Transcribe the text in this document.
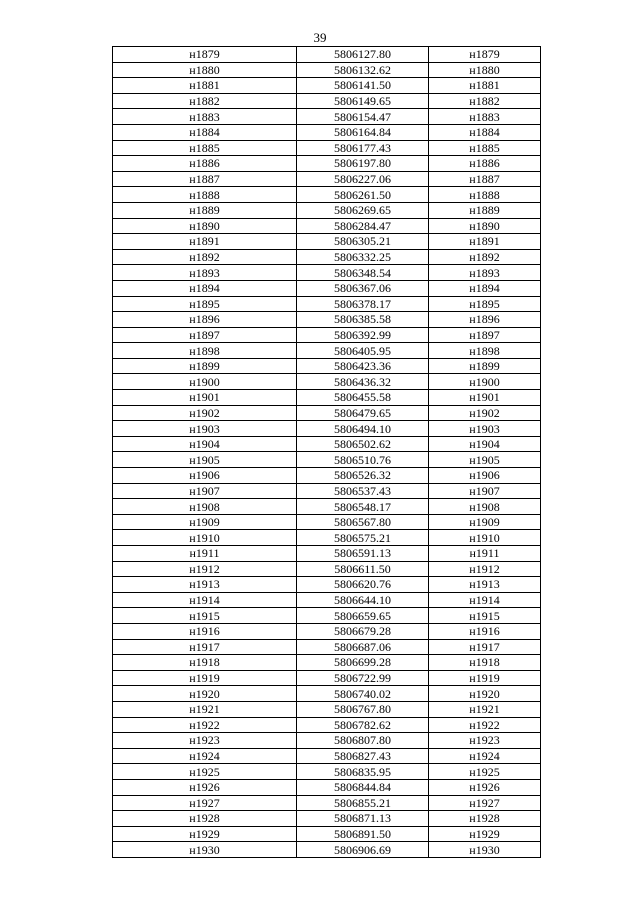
39
н1879	5806127.80	н1879
н1880	5806132.62	н1880
н1881	5806141.50	н1881
н1882	5806149.65	н1882
н1883	5806154.47	н1883
н1884	5806164.84	н1884
н1885	5806177.43	н1885
н1886	5806197.80	н1886
н1887	5806227.06	н1887
н1888	5806261.50	н1888
н1889	5806269.65	н1889
н1890	5806284.47	н1890
н1891	5806305.21	н1891
н1892	5806332.25	н1892
н1893	5806348.54	н1893
н1894	5806367.06	н1894
н1895	5806378.17	н1895
н1896	5806385.58	н1896
н1897	5806392.99	н1897
н1898	5806405.95	н1898
н1899	5806423.36	н1899
н1900	5806436.32	н1900
н1901	5806455.58	н1901
н1902	5806479.65	н1902
н1903	5806494.10	н1903
н1904	5806502.62	н1904
н1905	5806510.76	н1905
н1906	5806526.32	н1906
н1907	5806537.43	н1907
н1908	5806548.17	н1908
н1909	5806567.80	н1909
н1910	5806575.21	н1910
н1911	5806591.13	н1911
н1912	5806611.50	н1912
н1913	5806620.76	н1913
н1914	5806644.10	н1914
н1915	5806659.65	н1915
н1916	5806679.28	н1916
н1917	5806687.06	н1917
н1918	5806699.28	н1918
н1919	5806722.99	н1919
н1920	5806740.02	н1920
н1921	5806767.80	н1921
н1922	5806782.62	н1922
н1923	5806807.80	н1923
н1924	5806827.43	н1924
н1925	5806835.95	н1925
н1926	5806844.84	н1926
н1927	5806855.21	н1927
н1928	5806871.13	н1928
н1929	5806891.50	н1929
н1930	5806906.69	н1930
